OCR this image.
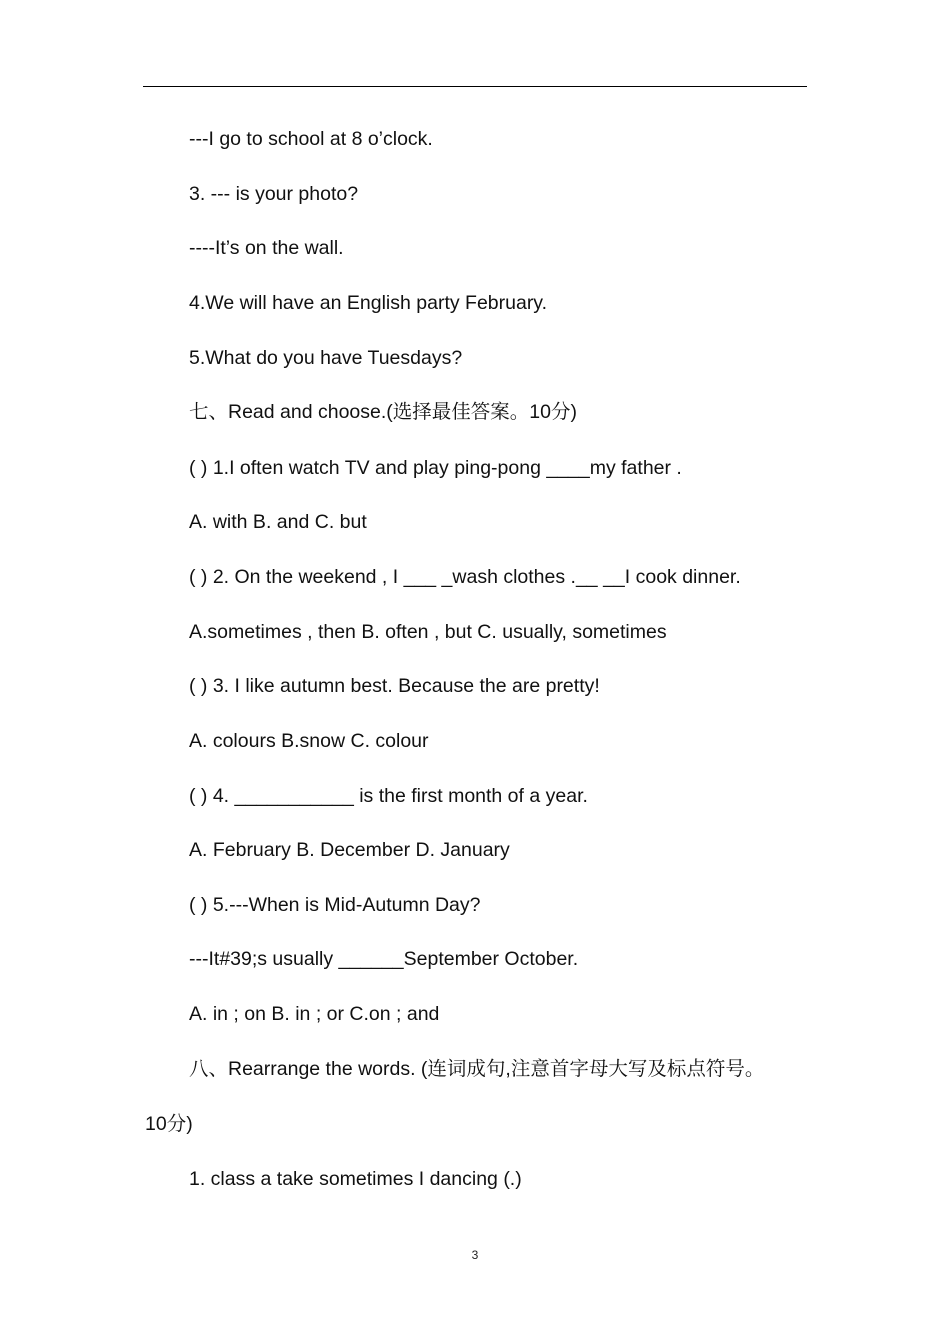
---I go to school at 8 o’clock.
3. --- is your photo?
----It’s on the wall.
4.We will have an English party February.
5.What do you have Tuesdays?
七、Read and choose.(选择最佳答案。10分)
( ) 1.I often watch TV and play ping-pong ____my father .
A. with B. and C. but
( ) 2. On the weekend , I ___ _wash clothes .__ __I cook dinner.
A.sometimes , then B. often , but C. usually, sometimes
( ) 3. I like autumn best. Because the are pretty!
A. colours B.snow C. colour
( ) 4. ___________ is the first month of a year.
A. February B. December D. January
( ) 5.---When is Mid-Autumn Day?
---It#39;s usually ______September October.
A. in ; on B. in ; or C.on ; and
八、Rearrange the words. (连词成句,注意首字母大写及标点符号。
10分)
1. class a take sometimes I dancing (.)
3
